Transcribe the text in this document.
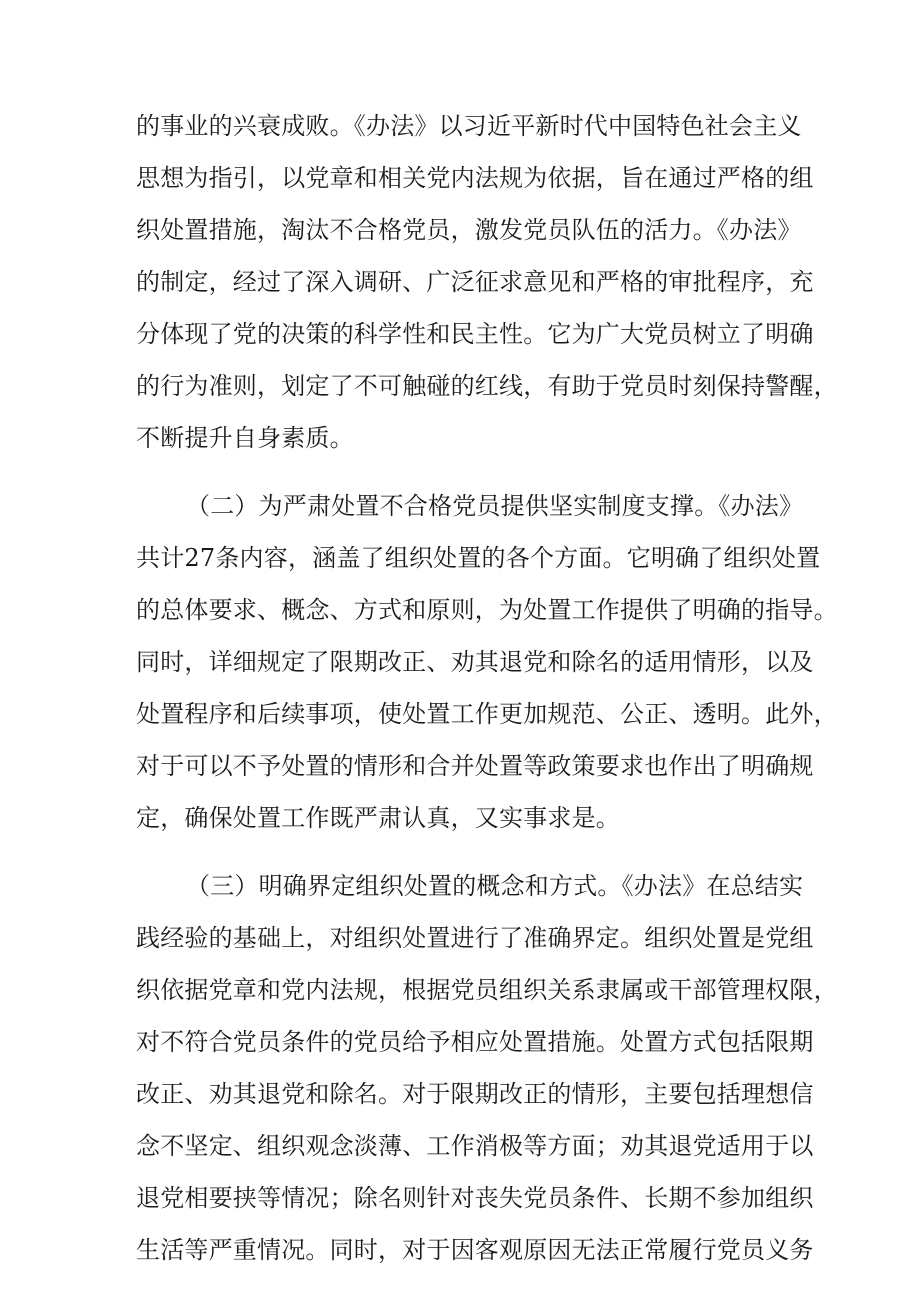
的事业的兴衰成败。《办法》以习近平新时代中国特色社会主义
思想为指引，以党章和相关党内法规为依据，旨在通过严格的组
织处置措施，淘汰不合格党员，激发党员队伍的活力。《办法》
的制定，经过了深入调研、广泛征求意见和严格的审批程序，充
分体现了党的决策的科学性和民主性。它为广大党员树立了明确
的行为准则，划定了不可触碰的红线，有助于党员时刻保持警醒，
不断提升自身素质。
（二）为严肃处置不合格党员提供坚实制度支撑。《办法》
共计27条内容，涵盖了组织处置的各个方面。它明确了组织处置
的总体要求、概念、方式和原则，为处置工作提供了明确的指导。
同时，详细规定了限期改正、劝其退党和除名的适用情形，以及
处置程序和后续事项，使处置工作更加规范、公正、透明。此外，
对于可以不予处置的情形和合并处置等政策要求也作出了明确规
定，确保处置工作既严肃认真，又实事求是。
（三）明确界定组织处置的概念和方式。《办法》在总结实
践经验的基础上，对组织处置进行了准确界定。组织处置是党组
织依据党章和党内法规，根据党员组织关系隶属或干部管理权限，
对不符合党员条件的党员给予相应处置措施。处置方式包括限期
改正、劝其退党和除名。对于限期改正的情形，主要包括理想信
念不坚定、组织观念淡薄、工作消极等方面；劝其退党适用于以
退党相要挟等情况；除名则针对丧失党员条件、长期不参加组织
生活等严重情况。同时，对于因客观原因无法正常履行党员义务
